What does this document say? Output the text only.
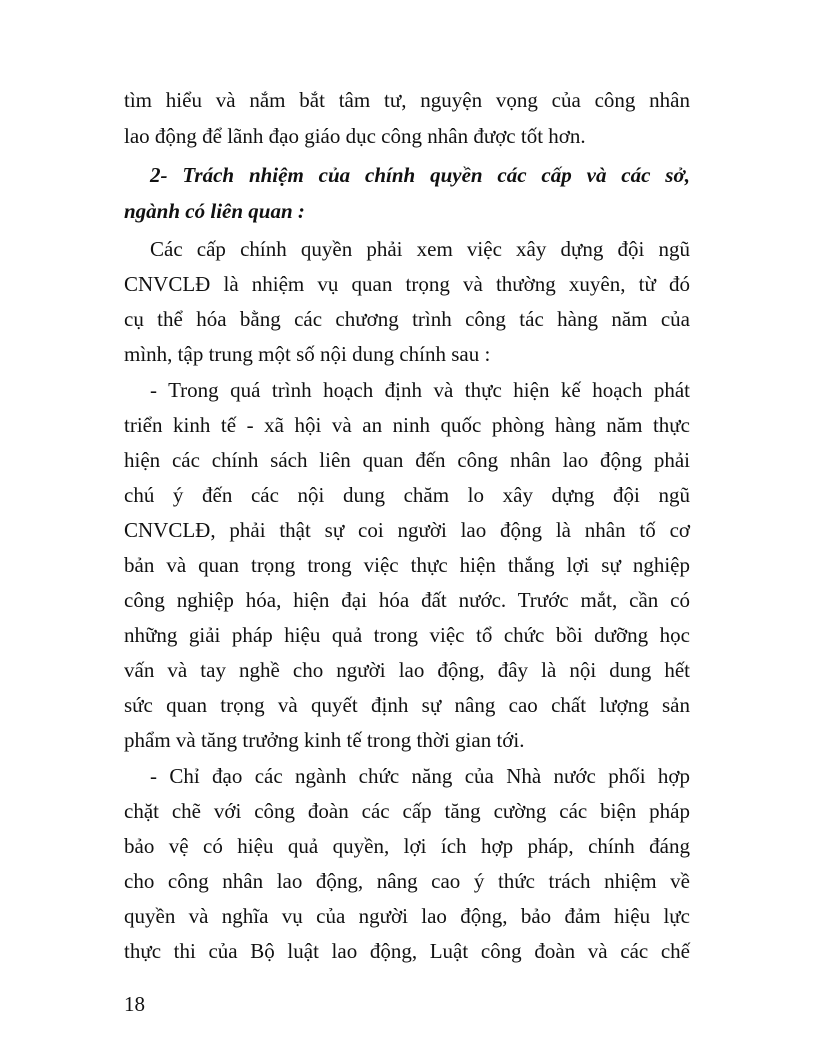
tìm hiểu và nắm bắt tâm tư, nguyện vọng của công nhân
lao động để lãnh đạo giáo dục công nhân được tốt hơn.
2- Trách nhiệm của chính quyền các cấp và các sở,
ngành có liên quan :
Các cấp chính quyền phải xem việc xây dựng đội ngũ
CNVCLĐ là nhiệm vụ quan trọng và thường xuyên, từ đó
cụ thể hóa bằng các chương trình công tác hàng năm của
mình, tập trung một số nội dung chính sau :
- Trong quá trình hoạch định và thực hiện kế hoạch phát
triển kinh tế - xã hội và an ninh quốc phòng hàng năm thực
hiện các chính sách liên quan đến công nhân lao động phải
chú ý đến các nội dung chăm lo xây dựng đội ngũ
CNVCLĐ, phải thật sự coi người lao động là nhân tố cơ
bản và quan trọng trong việc thực hiện thắng lợi sự nghiệp
công nghiệp hóa, hiện đại hóa đất nước. Trước mắt, cần có
những giải pháp hiệu quả trong việc tổ chức bồi dưỡng học
vấn và tay nghề cho người lao động, đây là nội dung hết
sức quan trọng và quyết định sự nâng cao chất lượng sản
phẩm và tăng trưởng kinh tế trong thời gian tới.
- Chỉ đạo các ngành chức năng của Nhà nước phối hợp
chặt chẽ với công đoàn các cấp tăng cường các biện pháp
bảo vệ có hiệu quả quyền, lợi ích hợp pháp, chính đáng
cho công nhân lao động, nâng cao ý thức trách nhiệm về
quyền và nghĩa vụ của người lao động, bảo đảm hiệu lực
thực thi của Bộ luật lao động, Luật công đoàn và các chế
18
